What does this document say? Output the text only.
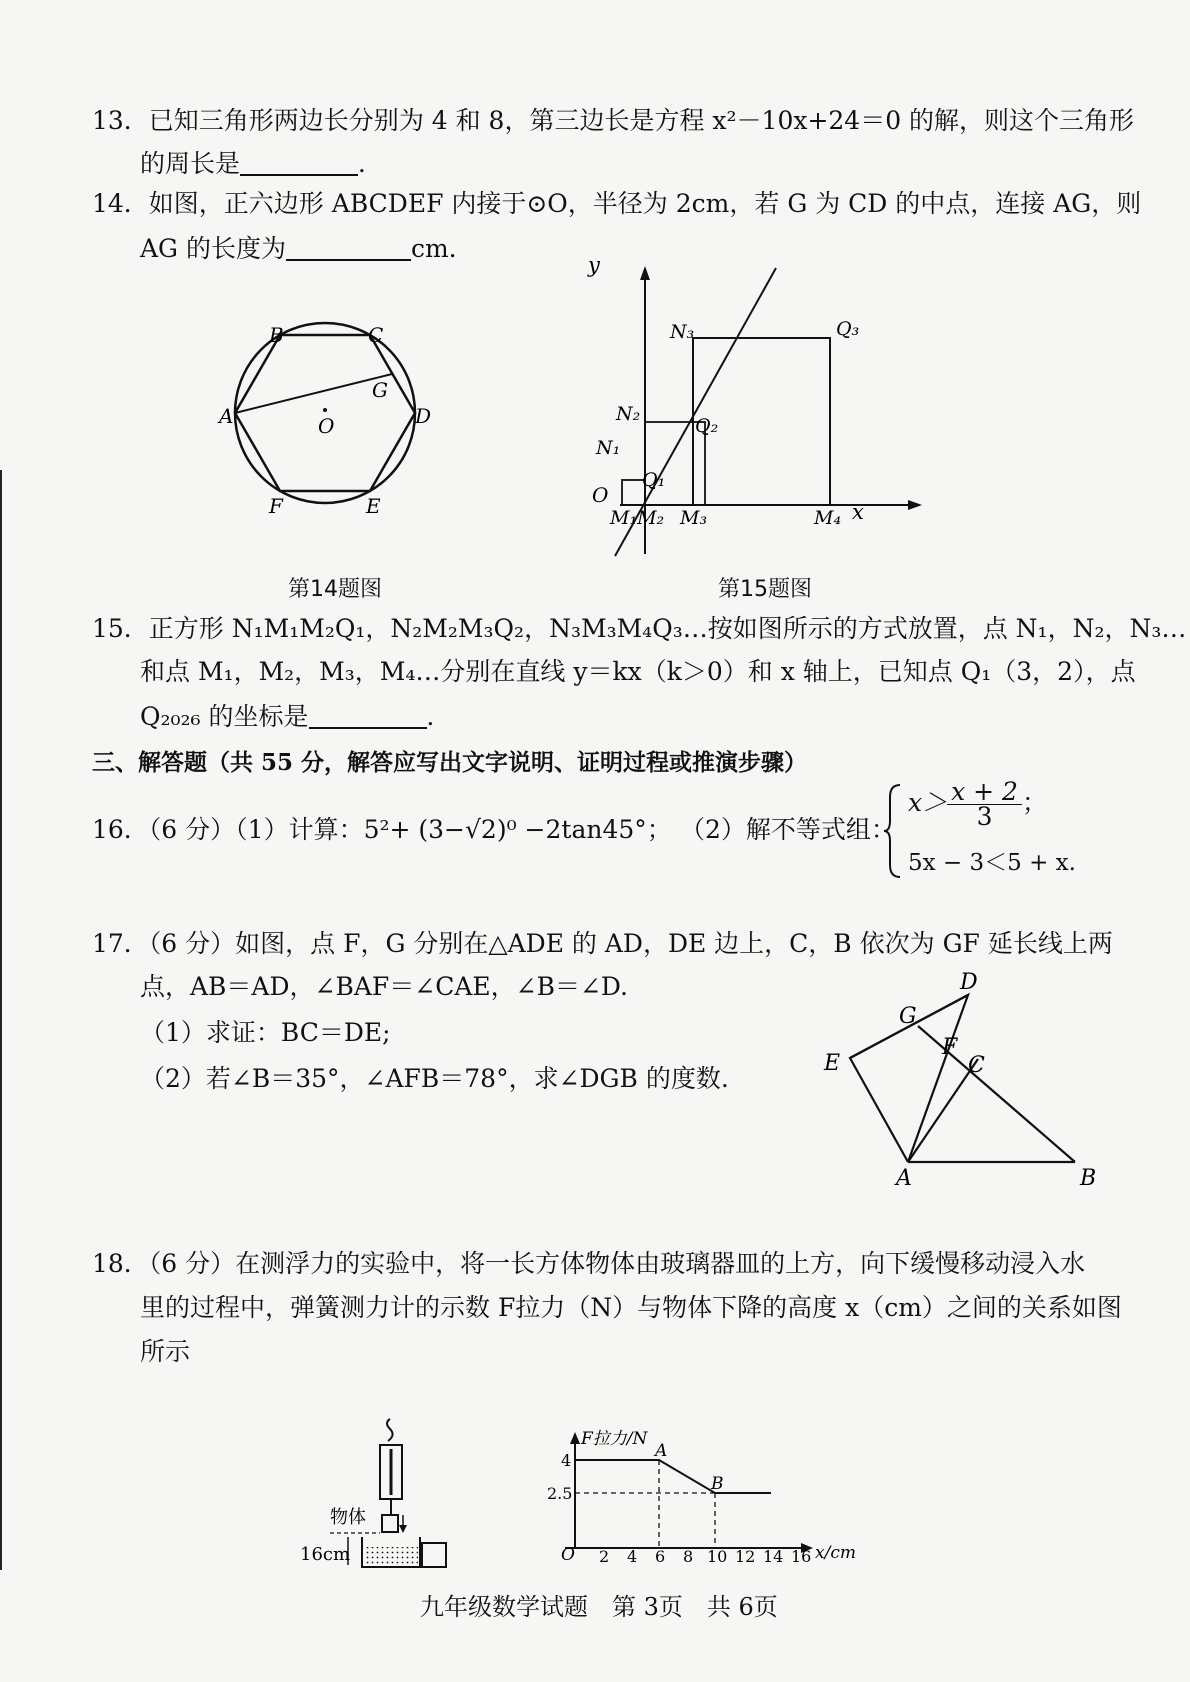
13．已知三角形两边长分别为 4 和 8，第三边长是方程 x²－10x+24＝0 的解，则这个三角形
的周长是	．
14．如图，正六边形 ABCDEF 内接于⊙O，半径为 2cm，若 G 为 CD 的中点，连接 AG，则
AG 的长度为	cm．
A
B	C
D
E
F
G
O
第14题图
y
x
O
N₁
N₂
N₃
Q₁
Q₂
Q₃
M₁M₂ M₃	M₄
第15题图
15．正方形 N₁M₁M₂Q₁，N₂M₂M₃Q₂，N₃M₃M₄Q₃…按如图所示的方式放置，点 N₁，N₂，N₃…
和点 M₁，M₂，M₃，M₄…分别在直线 y＝kx（k＞0）和 x 轴上，已知点 Q₁（3，2），点
Q₂₀₂₆ 的坐标是	．
三、解答题（共 55 分，解答应写出文字说明、证明过程或推演步骤）
16．（6 分）（1）计算：5²+ (3−√2)⁰ −2tan45°； （2）解不等式组：
$x> \frac{x + 2}{3}$ ；
5x − 3＜5 + x.
17．（6 分）如图，点 F，G 分别在△ADE 的 AD，DE 边上，C，B 依次为 GF 延长线上两
点，AB＝AD，∠BAF＝∠CAE，∠B＝∠D.
（1）求证：BC＝DE;
（2）若∠B＝35°，∠AFB＝78°，求∠DGB 的度数.
D
G
E
F
C
A	B
18．（6 分）在测浮力的实验中，将一长方体物体由玻璃器皿的上方，向下缓慢移动浸入水
里的过程中，弹簧测力计的示数 F拉力（N）与物体下降的高度 x（cm）之间的关系如图
所示
物体
16cm
F拉力/N
x/cm
O 2 4 6 8 10 12 14 16
4
2.5
A
B
九年级数学试题　第 3页　共 6页
